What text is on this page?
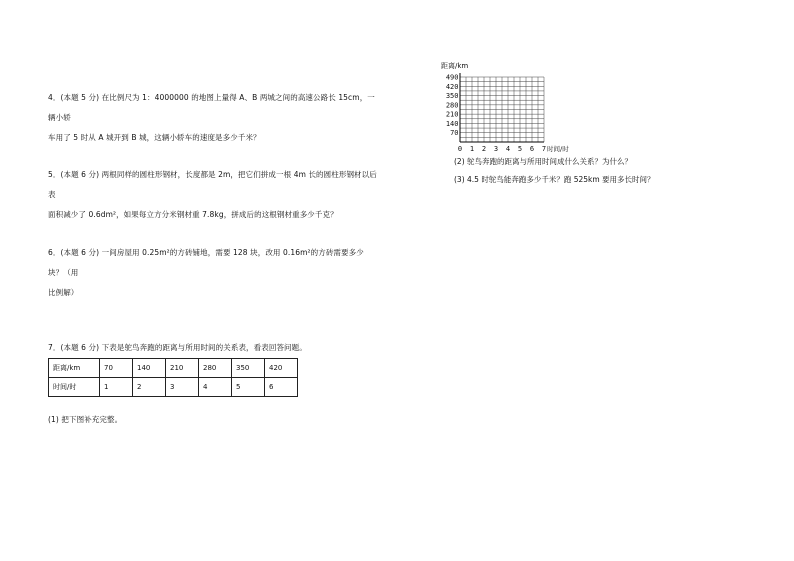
4．(本题 5 分) 在比例尺为 1：4000000 的地图上量得 A、B 两城之间的高速公路长 15cm，一辆小轿

车用了 5 时从 A 城开到 B 城，这辆小轿车的速度是多少千米？

5．(本题 6 分) 两根同样的圆柱形钢材，长度都是 2m，把它们拼成一根 4m 长的圆柱形钢材以后表

面积减少了 0.6dm²，如果每立方分米钢材重 7.8kg，拼成后的这根钢材重多少千克？

6．(本题 6 分) 一间房屋用 0.25m²的方砖铺地，需要 128 块，改用 0.16m²的方砖需要多少块？（用

比例解）

7．(本题 6 分) 下表是鸵鸟奔跑的距离与所用时间的关系表，看表回答问题。

距离/km	70	140	210	280	350	420
时间/时	1	2	3	4	5	6

(1) 把下图补充完整。

70
140
210
280
350
420
490
0 1 2 3 4 5 6 7
距离/km
时间/时
(2) 鸵鸟奔跑的距离与所用时间成什么关系？为什么？
(3) 4.5 时鸵鸟能奔跑多少千米？跑 525km 要用多长时间？
